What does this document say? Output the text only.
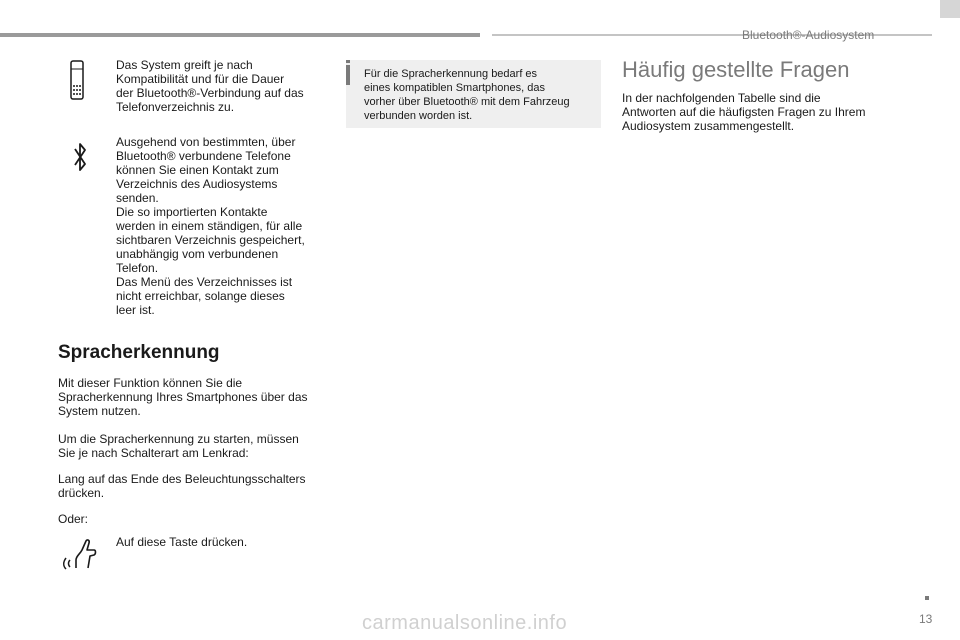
Bluetooth®-Audiosystem
Das System greift je nach
Kompatibilität und für die Dauer
der Bluetooth®-Verbindung auf das
Telefonverzeichnis zu.
Ausgehend von bestimmten, über
Bluetooth® verbundene Telefone
können Sie einen Kontakt zum
Verzeichnis des Audiosystems
senden.
Die so importierten Kontakte
werden in einem ständigen, für alle
sichtbaren Verzeichnis gespeichert,
unabhängig vom verbundenen
Telefon.
Das Menü des Verzeichnisses ist
nicht erreichbar, solange dieses
leer ist.
Spracherkennung
Mit dieser Funktion können Sie die
Spracherkennung Ihres Smartphones über das
System nutzen.
Um die Spracherkennung zu starten, müssen
Sie je nach Schalterart am Lenkrad:
Lang auf das Ende des Beleuchtungsschalters
drücken.
Oder:
Auf diese Taste drücken.
Für die Spracherkennung bedarf es
eines kompatiblen Smartphones, das
vorher über Bluetooth® mit dem Fahrzeug
verbunden worden ist.
Häufig gestellte Fragen
In der nachfolgenden Tabelle sind die
Antworten auf die häufigsten Fragen zu Ihrem
Audiosystem zusammengestellt.
13
carmanualsonline.info
